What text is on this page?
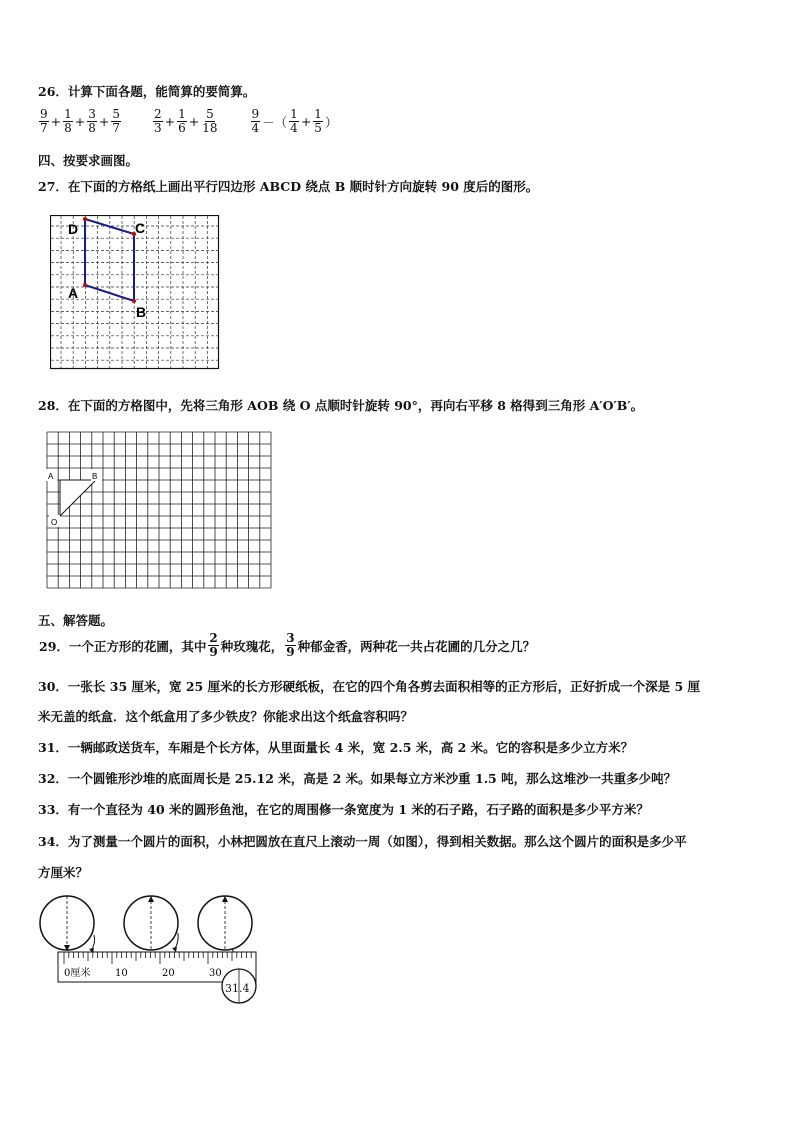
26．计算下面各题，能简算的要简算。
$\frac{9}{7} + \frac{1}{8} + \frac{3}{8} + \frac{5}{7}$
	$\frac{2}{3} + \frac{1}{6} + \frac{5}{18}$
	$\frac{9}{4}$ －（ $\frac{1}{4} + \frac{1}{5}$ ）
四、按要求画图。
27．在下面的方格纸上画出平行四边形 ABCD 绕点 B 顺时针方向旋转 90 度后的图形。
D	C
A
B
28．在下面的方格图中，先将三角形 AOB 绕 O 点顺时针旋转 90°，再向右平移 8 格得到三角形 A′O′B′。
A	B
O
五、解答题。
29．一个正方形的花圃，其中 $\frac{2}{9}$ 种玫瑰花， $\frac{3}{9}$ 种郁金香，两种花一共占花圃的几分之几？
30．一张长 35 厘米，宽 25 厘米的长方形硬纸板，在它的四个角各剪去面积相等的正方形后，正好折成一个深是 5 厘
米无盖的纸盒．这个纸盒用了多少铁皮？你能求出这个纸盒容积吗？
31．一辆邮政送货车，车厢是个长方体，从里面量长 4 米，宽 2.5 米，高 2 米。它的容积是多少立方米？
32．一个圆锥形沙堆的底面周长是 25.12 米，高是 2 米。如果每立方米沙重 1.5 吨，那么这堆沙一共重多少吨？
33．有一个直径为 40 米的圆形鱼池，在它的周围修一条宽度为 1 米的石子路，石子路的面积是多少平方米？
34．为了测量一个圆片的面积，小林把圆放在直尺上滚动一周（如图），得到相关数据。那么这个圆片的面积是多少平
方厘米？
0厘米 10	20	30
31.4
